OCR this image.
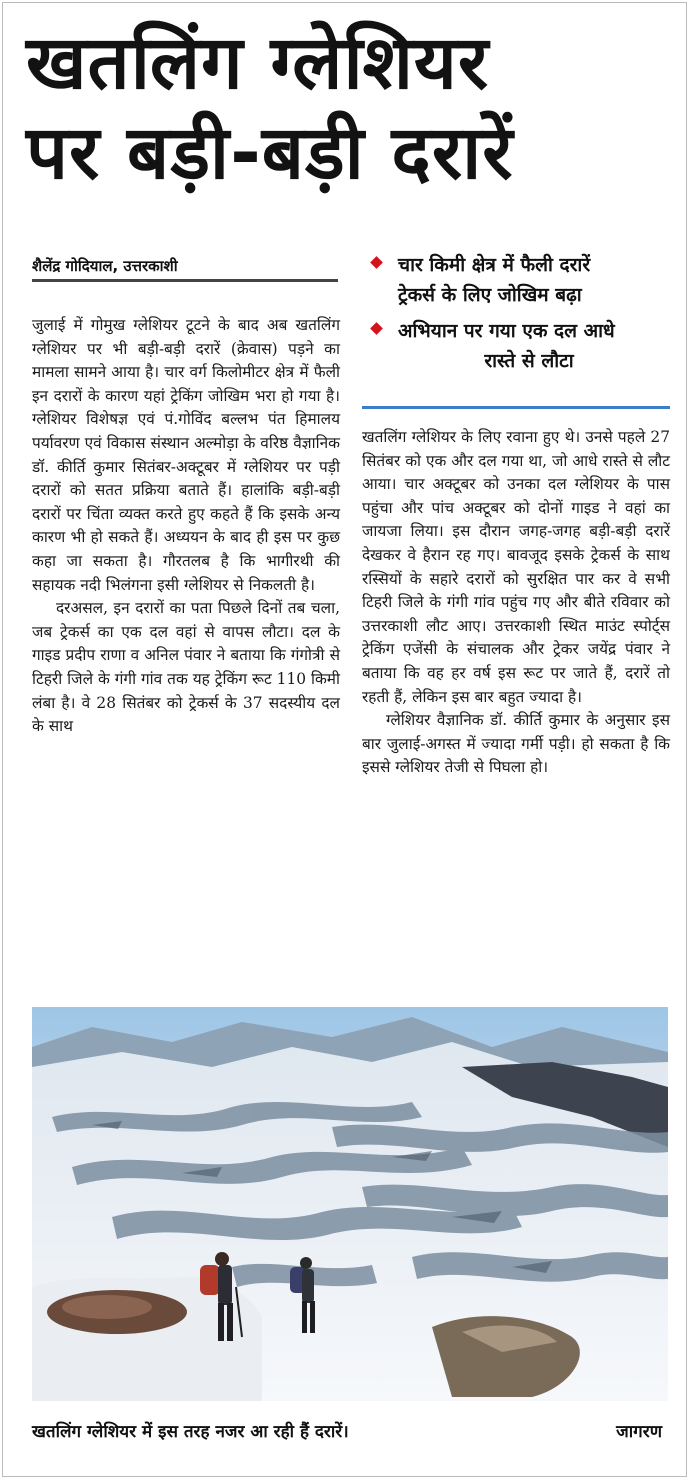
खतलिंग ग्लेशियर
पर बड़ी-बड़ी दरारें
शैलेंद्र गोदियाल, उत्तरकाशी	चार किमी क्षेत्र में फैली दरारें
ट्रेकर्स के लिए जोखिम बढ़ा
अभियान पर गया एक दल आधे
रास्ते से लौटा

जुलाई में गोमुख ग्लेशियर टूटने के बाद अब खतलिंग ग्लेशियर पर भी बड़ी-बड़ी दरारें (क्रेवास) पड़ने का मामला सामने आया है। चार वर्ग किलोमीटर क्षेत्र में फैली इन दरारों के कारण यहां ट्रेकिंग जोखिम भरा हो गया है। ग्लेशियर विशेषज्ञ एवं पं.गोविंद बल्लभ पंत हिमालय पर्यावरण एवं विकास संस्थान अल्मोड़ा के वरिष्ठ वैज्ञानिक डॉ. कीर्ति कुमार सितंबर-अक्टूबर में ग्लेशियर पर पड़ी दरारों को सतत प्रक्रिया बताते हैं। हालांकि बड़ी-बड़ी दरारों पर चिंता व्यक्त करते हुए कहते हैं कि इसके अन्य कारण भी हो सकते हैं। अध्ययन के बाद ही इस पर कुछ कहा जा सकता है। गौरतलब है कि भागीरथी की सहायक नदी भिलंगना इसी ग्लेशियर से निकलती है।

दरअसल, इन दरारों का पता पिछले दिनों तब चला, जब ट्रेकर्स का एक दल वहां से वापस लौटा। दल के गाइड प्रदीप राणा व अनिल पंवार ने बताया कि गंगोत्री से टिहरी जिले के गंगी गांव तक यह ट्रेकिंग रूट 110 किमी लंबा है। वे 28 सितंबर को ट्रेकर्स के 37 सदस्यीय दल के साथ

खतलिंग ग्लेशियर के लिए रवाना हुए थे। उनसे पहले 27 सितंबर को एक और दल गया था, जो आधे रास्ते से लौट आया। चार अक्टूबर को उनका दल ग्लेशियर के पास पहुंचा और पांच अक्टूबर को दोनों गाइड ने वहां का जायजा लिया। इस दौरान जगह-जगह बड़ी-बड़ी दरारें देखकर वे हैरान रह गए। बावजूद इसके ट्रेकर्स के साथ रस्सियों के सहारे दरारों को सुरक्षित पार कर वे सभी टिहरी जिले के गंगी गांव पहुंच गए और बीते रविवार को उत्तरकाशी लौट आए। उत्तरकाशी स्थित माउंट स्पोर्ट्स ट्रेकिंग एजेंसी के संचालक और ट्रेकर जयेंद्र पंवार ने बताया कि वह हर वर्ष इस रूट पर जाते हैं, दरारें तो रहती हैं, लेकिन इस बार बहुत ज्यादा है।

ग्लेशियर वैज्ञानिक डॉ. कीर्ति कुमार के अनुसार इस बार जुलाई-अगस्त में ज्यादा गर्मी पड़ी। हो सकता है कि इससे ग्लेशियर तेजी से पिघला हो।

खतलिंग ग्लेशियर में इस तरह नजर आ रही हैं दरारें।	जागरण
